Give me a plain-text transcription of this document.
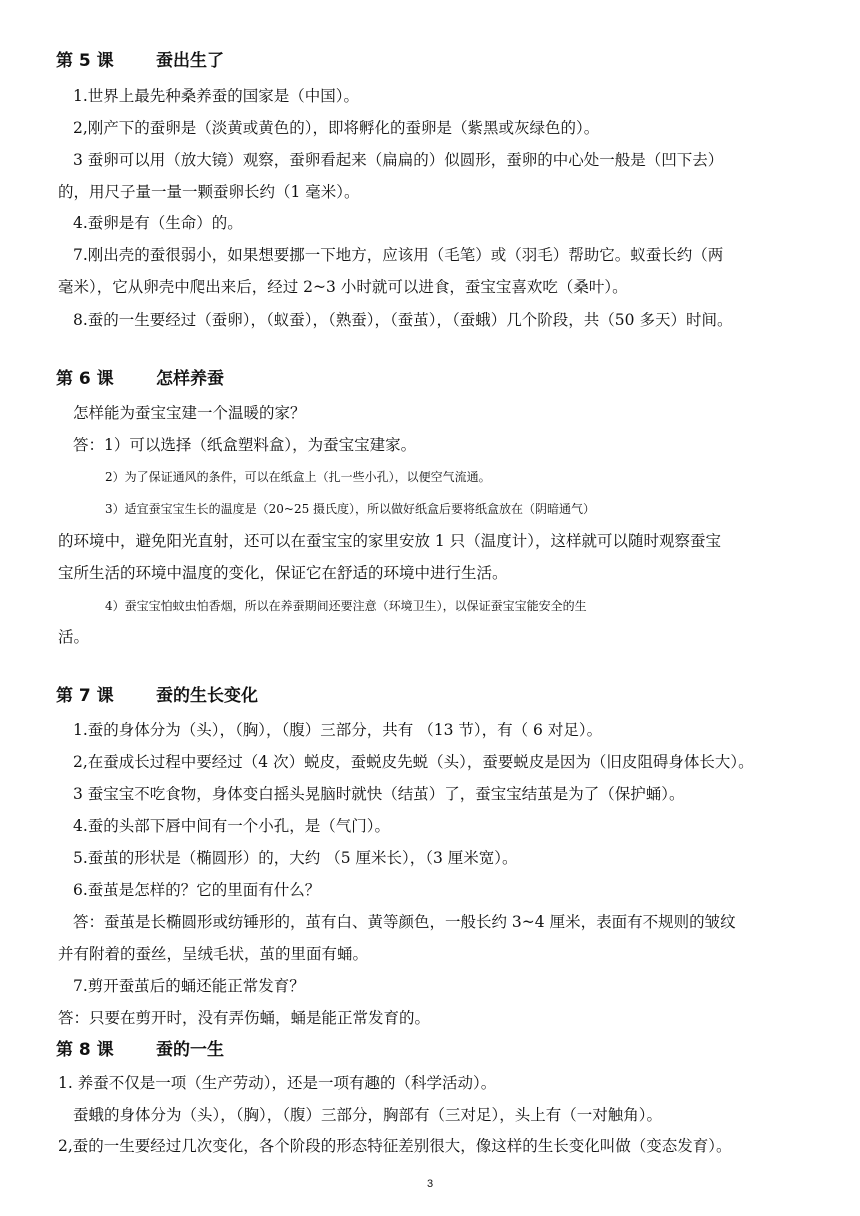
第 5 课 蚕出生了
1.世界上最先种桑养蚕的国家是（中国）。
2,刚产下的蚕卵是（淡黄或黄色的），即将孵化的蚕卵是（紫黑或灰绿色的）。
3 蚕卵可以用（放大镜）观察，蚕卵看起来（扁扁的）似圆形，蚕卵的中心处一般是（凹下去）
的，用尺子量一量一颗蚕卵长约（1 毫米）。
4.蚕卵是有（生命）的。
7.刚出壳的蚕很弱小，如果想要挪一下地方，应该用（毛笔）或（羽毛）帮助它。蚁蚕长约（两
毫米），它从卵壳中爬出来后，经过 2~3 小时就可以进食，蚕宝宝喜欢吃（桑叶）。
8.蚕的一生要经过（蚕卵），（蚁蚕），（熟蚕），（蚕茧），（蚕蛾）几个阶段，共（50 多天）时间。
第 6 课 怎样养蚕
怎样能为蚕宝宝建一个温暖的家？
答：1）可以选择（纸盒塑料盒），为蚕宝宝建家。
2）为了保证通风的条件，可以在纸盒上（扎一些小孔），以便空气流通。
3）适宜蚕宝宝生长的温度是（20~25 摄氏度），所以做好纸盒后要将纸盒放在（阴暗通气）
的环境中，避免阳光直射，还可以在蚕宝宝的家里安放 1 只（温度计），这样就可以随时观察蚕宝
宝所生活的环境中温度的变化，保证它在舒适的环境中进行生活。
4）蚕宝宝怕蚊虫怕香烟，所以在养蚕期间还要注意（环境卫生），以保证蚕宝宝能安全的生
活。
第 7 课 蚕的生长变化
1.蚕的身体分为（头），（胸），（腹）三部分，共有 （13 节），有（ 6 对足）。
2,在蚕成长过程中要经过（4 次）蜕皮，蚕蜕皮先蜕（头），蚕要蜕皮是因为（旧皮阻碍身体长大）。
3 蚕宝宝不吃食物，身体变白摇头晃脑时就快（结茧）了，蚕宝宝结茧是为了（保护蛹）。
4.蚕的头部下唇中间有一个小孔，是（气门）。
5.蚕茧的形状是（椭圆形）的，大约 （5 厘米长），（3 厘米宽）。
6.蚕茧是怎样的？它的里面有什么？
答：蚕茧是长椭圆形或纺锤形的，茧有白、黄等颜色，一般长约 3~4 厘米，表面有不规则的皱纹
并有附着的蚕丝，呈绒毛状，茧的里面有蛹。
7.剪开蚕茧后的蛹还能正常发育？
答：只要在剪开时，没有弄伤蛹，蛹是能正常发育的。
第 8 课 蚕的一生
1. 养蚕不仅是一项（生产劳动），还是一项有趣的（科学活动）。
蚕蛾的身体分为（头），（胸），（腹）三部分，胸部有（三对足），头上有（一对触角）。
2,蚕的一生要经过几次变化，各个阶段的形态特征差别很大，像这样的生长变化叫做（变态发育）。
3
